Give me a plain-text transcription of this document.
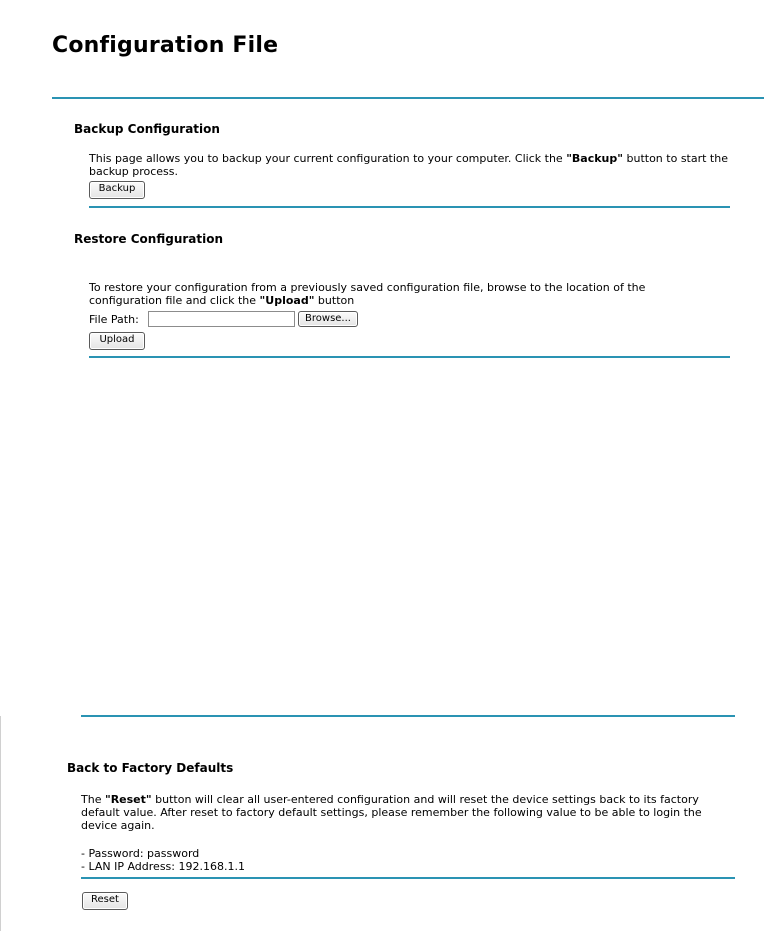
Configuration File
Backup Configuration
This page allows you to backup your current configuration to your computer. Click the "Backup" button to start the backup process.
Backup
Restore Configuration
To restore your configuration from a previously saved configuration file, browse to the location of the configuration file and click the "Upload" button
File Path:	Browse...
Upload
Back to Factory Defaults
The "Reset" button will clear all user-entered configuration and will reset the device settings back to its factory default value. After reset to factory default settings, please remember the following value to be able to login the device again.
- Password: password
- LAN IP Address: 192.168.1.1
Reset
